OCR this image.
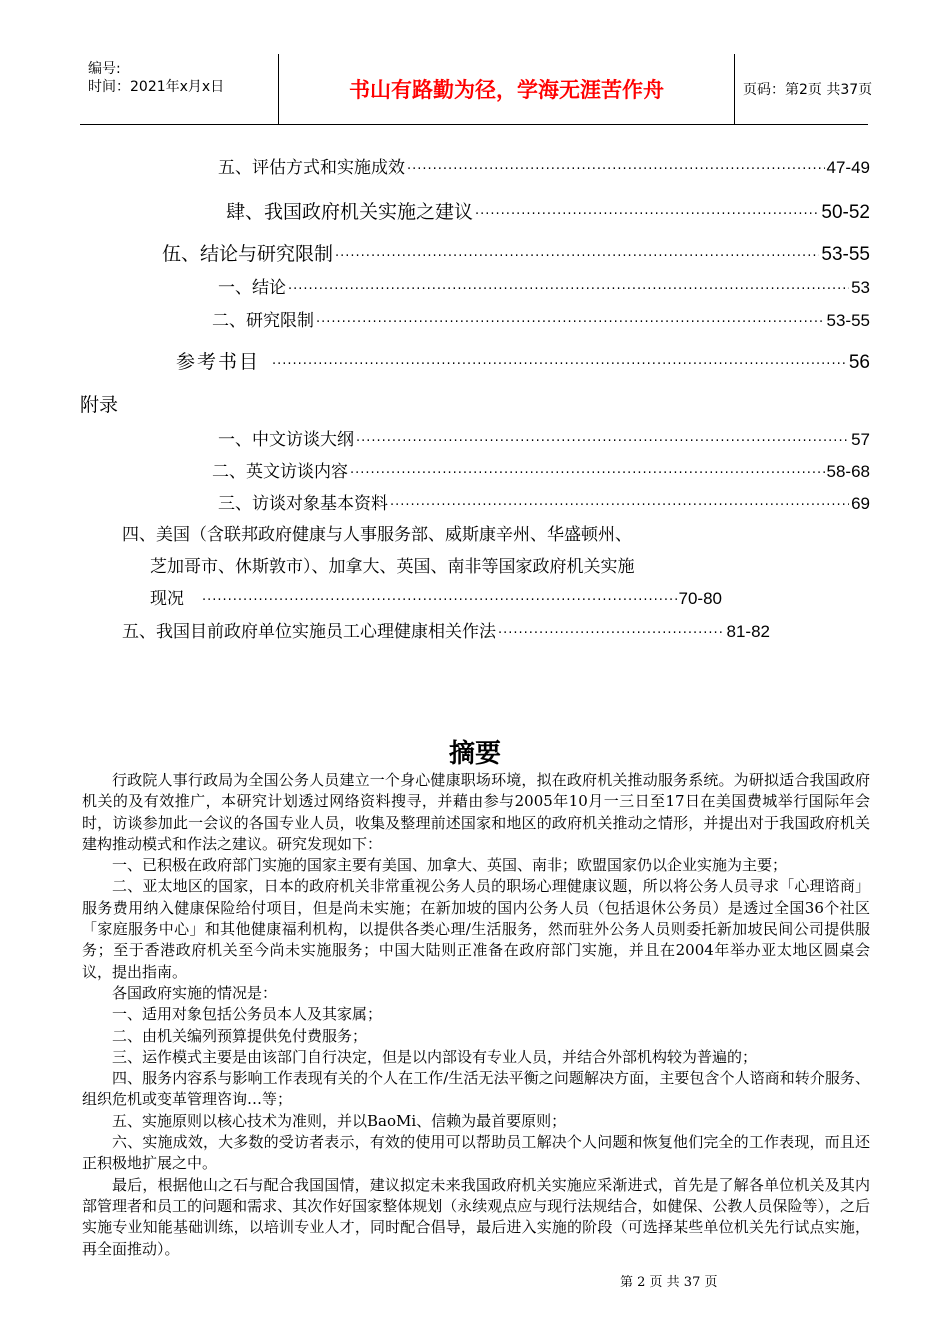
编号:
时间：2021年x月x日	书山有路勤为径，学海无涯苦作舟	页码：第2页 共37页
五、评估方式和实施成效 ·····	47-49
肆、我国政府机关实施之建议 ·····	50-52
伍、结论与研究限制 ·····	53-55
一、结论 ·····	53
二、研究限制 ·····	53-55
参考书目 ·····	56
附录
一、中文访谈大纲 ·····	57
二、英文访谈内容 ·····	58-68
三、访谈对象基本资料 ·····	69
四、美国（含联邦政府健康与人事服务部、威斯康辛州、华盛顿州、
芝加哥市、休斯敦市）、加拿大、英国、南非等国家政府机关实施
现况 ·····	70-80
五、我国目前政府单位实施员工心理健康相关作法 ·····	81-82
摘要

行政院人事行政局为全国公务人员建立一个身心健康职场环境，拟在政府机关推动服务系统。为研拟适合我国政府机关的及有效推广，本研究计划透过网络资料搜寻，并藉由参与2005年10月一三日至17日在美国费城举行国际年会时，访谈参加此一会议的各国专业人员，收集及整理前述国家和地区的政府机关推动之情形，并提出对于我国政府机关建构推动模式和作法之建议。研究发现如下：

一、已积极在政府部门实施的国家主要有美国、加拿大、英国、南非；欧盟国家仍以企业实施为主要；

二、亚太地区的国家，日本的政府机关非常重视公务人员的职场心理健康议题，所以将公务人员寻求「心理谘商」服务费用纳入健康保险给付项目，但是尚未实施；在新加坡的国内公务人员（包括退休公务员）是透过全国36个社区「家庭服务中心」和其他健康福利机构，以提供各类心理/生活服务，然而驻外公务人员则委托新加坡民间公司提供服务；至于香港政府机关至今尚未实施服务；中国大陆则正准备在政府部门实施，并且在2004年举办亚太地区圆桌会议，提出指南。

各国政府实施的情况是：

一、适用对象包括公务员本人及其家属；

二、由机关编列预算提供免付费服务；

三、运作模式主要是由该部门自行决定，但是以内部设有专业人员，并结合外部机构较为普遍的；

四、服务内容系与影响工作表现有关的个人在工作/生活无法平衡之问题解决方面，主要包含个人谘商和转介服务、组织危机或变革管理咨询…等；

五、实施原则以核心技术为准则，并以BaoMi、信赖为最首要原则；

六、实施成效，大多数的受访者表示，有效的使用可以帮助员工解决个人问题和恢复他们完全的工作表现，而且还正积极地扩展之中。

最后，根据他山之石与配合我国国情，建议拟定未来我国政府机关实施应采渐进式，首先是了解各单位机关及其内部管理者和员工的问题和需求、其次作好国家整体规划（永续观点应与现行法规结合，如健保、公教人员保险等），之后实施专业知能基础训练，以培训专业人才，同时配合倡导，最后进入实施的阶段（可选择某些单位机关先行试点实施，再全面推动）。

第 2 页 共 37 页
